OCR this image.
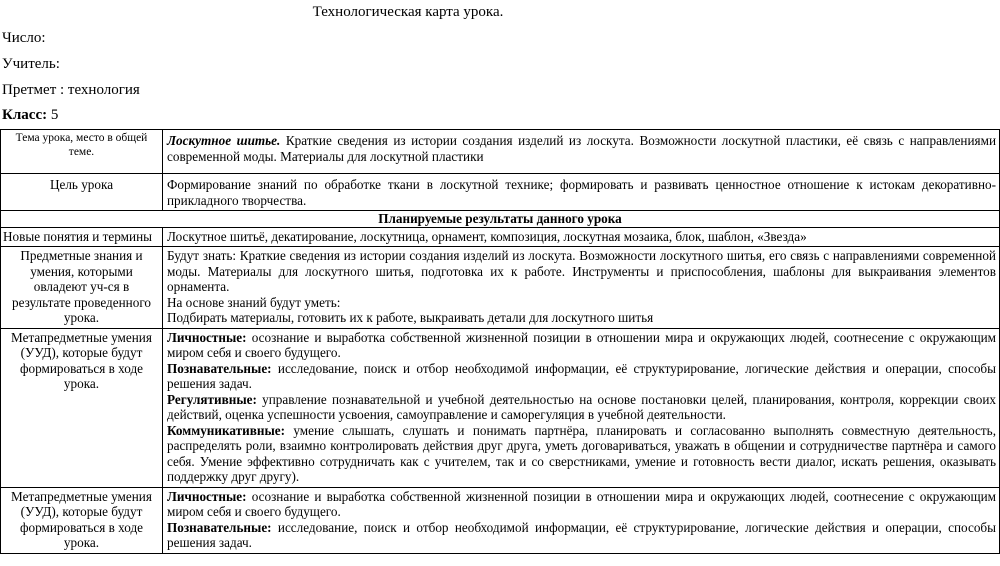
Технологическая карта урока.
Число:
Учитель:
Претмет : технология
Класс: 5
Тема урока, место в общей теме.	Лоскутное шитье. Краткие сведения из истории создания изделий из лоскута. Возможности лоскутной пластики, её связь с направлениями современной моды. Материалы для лоскутной пластики
Цель урока	Формирование знаний по обработке ткани в лоскутной технике; формировать и развивать ценностное отношение к истокам декоративно-прикладного творчества.
Планируемые результаты данного урока	
Новые понятия и термины	Лоскутное шитьё, декатирование, лоскутница, орнамент, композиция, лоскутная мозаика, блок, шаблон, «Звезда»
Предметные знания и умения, которыми овладеют уч-ся в результате проведенного урока.	Будут знать: Краткие сведения из истории создания изделий из лоскута. Возможности лоскутного шитья, его связь с направлениями современной моды. Материалы для лоскутного шитья, подготовка их к работе. Инструменты и приспособления, шаблоны для выкраивания элементов орнамента.
На основе знаний будут уметь:
Подбирать материалы, готовить их к работе, выкраивать детали для лоскутного шитья

Метапредметные умения (УУД), которые будут формироваться в ходе урока.	Личностные: осознание и выработка собственной жизненной позиции в отношении мира и окружающих людей, соотнесение с окружающим миром себя и своего будущего.
Познавательные: исследование, поиск и отбор необходимой информации, её структурирование, логические действия и операции, способы решения задач.
Регулятивные: управление познавательной и учебной деятельностью на основе постановки целей, планирования, контроля, коррекции своих действий, оценка успешности усвоения, самоуправление и саморегуляция в учебной деятельности.
Коммуникативные: умение слышать, слушать и понимать партнёра, планировать и согласованно выполнять совместную деятельность, распределять роли, взаимно контролировать действия друг друга, уметь договариваться, уважать в общении и сотрудничестве партнёра и самого себя. Умение эффективно сотрудничать как с учителем, так и со сверстниками, умение и готовность вести диалог, искать решения, оказывать поддержку друг другу).

Метапредметные умения (УУД), которые будут формироваться в ходе урока.	Личностные: осознание и выработка собственной жизненной позиции в отношении мира и окружающих людей, соотнесение с окружающим миром себя и своего будущего.
Познавательные: исследование, поиск и отбор необходимой информации, её структурирование, логические действия и операции, способы решения задач.
